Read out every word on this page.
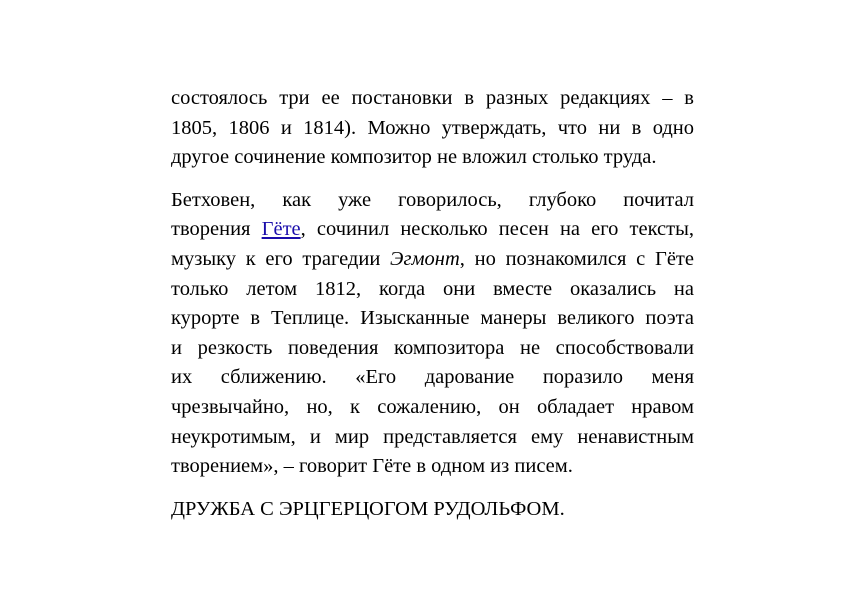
состоялось три ее постановки в разных редакциях – в
1805, 1806 и 1814). Можно утверждать, что ни в одно
другое сочинение композитор не вложил столько труда.
Бетховен, как уже говорилось, глубоко почитал
творения Гёте, сочинил несколько песен на его тексты,
музыку к его трагедии Эгмонт, но познакомился с Гёте
только летом 1812, когда они вместе оказались на
курорте в Теплице. Изысканные манеры великого поэта
и резкость поведения композитора не способствовали
их сближению. «Его дарование поразило меня
чрезвычайно, но, к сожалению, он обладает нравом
неукротимым, и мир представляется ему ненавистным
творением», – говорит Гёте в одном из писем.
ДРУЖБА С ЭРЦГЕРЦОГОМ РУДОЛЬФОМ.
